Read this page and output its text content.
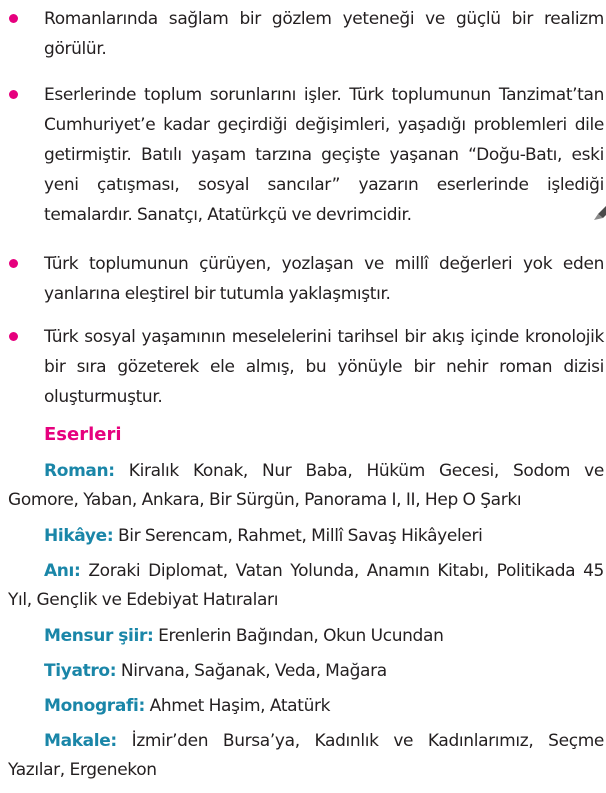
Romanlarında sağlam bir gözlem yeteneği ve güçlü bir realizm görülür.
Eserlerinde toplum sorunlarını işler. Türk toplumunun Tanzimat’tan Cumhuriyet’e kadar geçirdiği değişimleri, yaşadığı problemleri dile getirmiştir. Batılı yaşam tarzına geçişte yaşanan “Doğu-Batı, eski yeni çatışması, sosyal sancılar” yazarın eserlerinde işlediği temalardır. Sanatçı, Atatürkçü ve devrimcidir.
Türk toplumunun çürüyen, yozlaşan ve millî değerleri yok eden yanlarına eleştirel bir tutumla yaklaşmıştır.
Türk sosyal yaşamının meselelerini tarihsel bir akış içinde kronolojik bir sıra gözeterek ele almış, bu yönüyle bir nehir roman dizisi oluşturmuştur.
Eserleri
Roman: Kiralık Konak, Nur Baba, Hüküm Gecesi, Sodom ve Gomore, Yaban, Ankara, Bir Sürgün, Panorama I, II, Hep O Şarkı
Hikâye: Bir Serencam, Rahmet, Millî Savaş Hikâyeleri
Anı: Zoraki Diplomat, Vatan Yolunda, Anamın Kitabı, Politikada 45 Yıl, Gençlik ve Edebiyat Hatıraları
Mensur şiir: Erenlerin Bağından, Okun Ucundan
Tiyatro: Nirvana, Sağanak, Veda, Mağara
Monografi: Ahmet Haşim, Atatürk
Makale: İzmir’den Bursa’ya, Kadınlık ve Kadınlarımız, Seçme Yazılar, Ergenekon
